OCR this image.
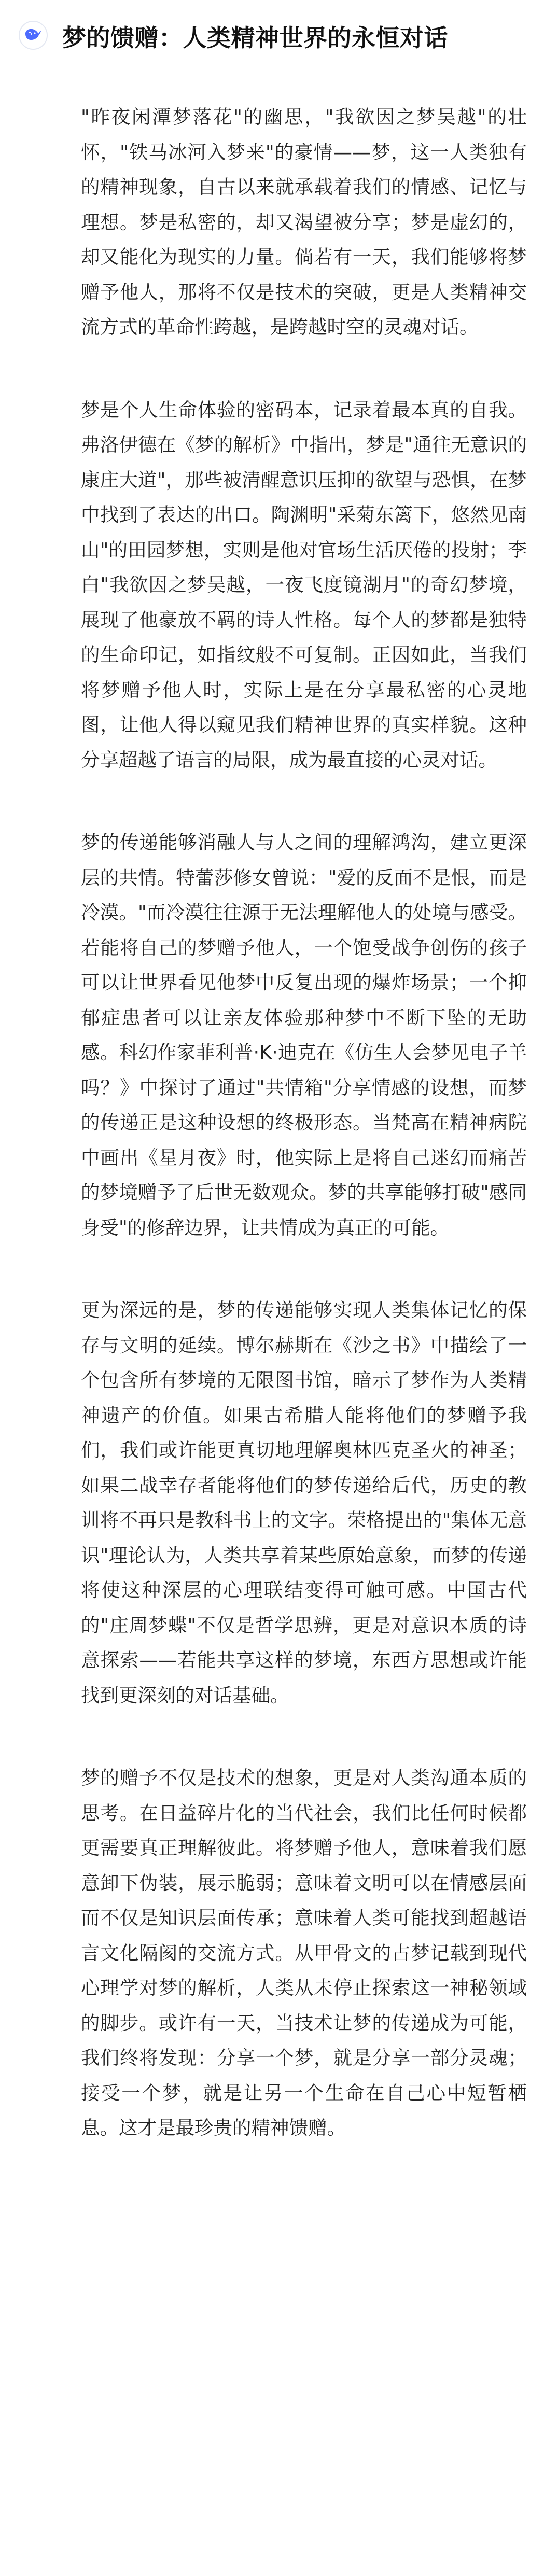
梦的馈赠：人类精神世界的永恒对话

"昨夜闲潭梦落花"的幽思，"我欲因之梦吴越"的壮怀，"铁马冰河入梦来"的豪情——梦，这一人类独有的精神现象，自古以来就承载着我们的情感、记忆与理想。梦是私密的，却又渴望被分享；梦是虚幻的，却又能化为现实的力量。倘若有一天，我们能够将梦赠予他人，那将不仅是技术的突破，更是人类精神交流方式的革命性跨越，是跨越时空的灵魂对话。

梦是个人生命体验的密码本，记录着最本真的自我。弗洛伊德在《梦的解析》中指出，梦是"通往无意识的康庄大道"，那些被清醒意识压抑的欲望与恐惧，在梦中找到了表达的出口。陶渊明"采菊东篱下，悠然见南山"的田园梦想，实则是他对官场生活厌倦的投射；李白"我欲因之梦吴越，一夜飞度镜湖月"的奇幻梦境，展现了他豪放不羁的诗人性格。每个人的梦都是独特的生命印记，如指纹般不可复制。正因如此，当我们将梦赠予他人时，实际上是在分享最私密的心灵地图，让他人得以窥见我们精神世界的真实样貌。这种分享超越了语言的局限，成为最直接的心灵对话。

梦的传递能够消融人与人之间的理解鸿沟，建立更深层的共情。特蕾莎修女曾说："爱的反面不是恨，而是冷漠。"而冷漠往往源于无法理解他人的处境与感受。若能将自己的梦赠予他人，一个饱受战争创伤的孩子可以让世界看见他梦中反复出现的爆炸场景；一个抑郁症患者可以让亲友体验那种梦中不断下坠的无助感。科幻作家菲利普·K·迪克在《仿生人会梦见电子羊吗？》中探讨了通过"共情箱"分享情感的设想，而梦的传递正是这种设想的终极形态。当梵高在精神病院中画出《星月夜》时，他实际上是将自己迷幻而痛苦的梦境赠予了后世无数观众。梦的共享能够打破"感同身受"的修辞边界，让共情成为真正的可能。

更为深远的是，梦的传递能够实现人类集体记忆的保存与文明的延续。博尔赫斯在《沙之书》中描绘了一个包含所有梦境的无限图书馆，暗示了梦作为人类精神遗产的价值。如果古希腊人能将他们的梦赠予我们，我们或许能更真切地理解奥林匹克圣火的神圣；如果二战幸存者能将他们的梦传递给后代，历史的教训将不再只是教科书上的文字。荣格提出的"集体无意识"理论认为，人类共享着某些原始意象，而梦的传递将使这种深层的心理联结变得可触可感。中国古代的"庄周梦蝶"不仅是哲学思辨，更是对意识本质的诗意探索——若能共享这样的梦境，东西方思想或许能找到更深刻的对话基础。

梦的赠予不仅是技术的想象，更是对人类沟通本质的思考。在日益碎片化的当代社会，我们比任何时候都更需要真正理解彼此。将梦赠予他人，意味着我们愿意卸下伪装，展示脆弱；意味着文明可以在情感层面而不仅是知识层面传承；意味着人类可能找到超越语言文化隔阂的交流方式。从甲骨文的占梦记载到现代心理学对梦的解析，人类从未停止探索这一神秘领域的脚步。或许有一天，当技术让梦的传递成为可能，我们终将发现：分享一个梦，就是分享一部分灵魂；接受一个梦，就是让另一个生命在自己心中短暂栖息。这才是最珍贵的精神馈赠。
